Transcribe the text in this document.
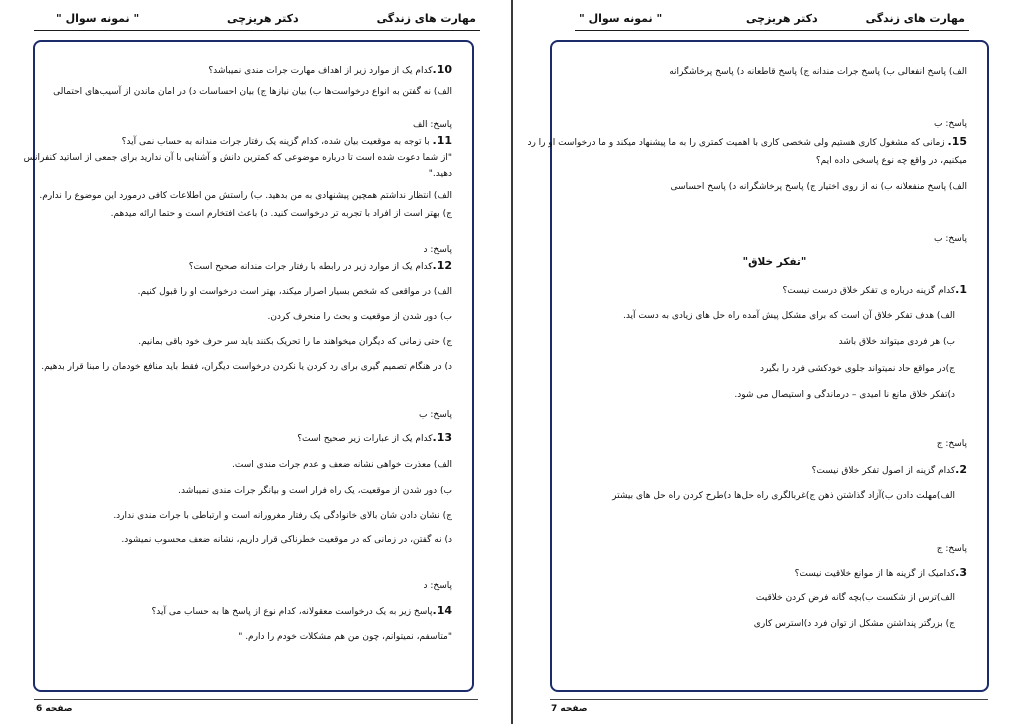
مهارت های زندگی
دکتر هریزچی
" نمونه سوال "
10.کدام یک از موارد زیر از اهداف مهارت جرات مندی نمیباشد؟
الف) نه گفتن به انواع درخواست‌ها ب) بیان نیازها ج) بیان احساسات د) در امان ماندن از آسیب‌های احتمالی
پاسخ: الف
11. با توجه به موقعیت بیان شده، کدام گزینه یک رفتار جرات مندانه به حساب نمی آید؟
"از شما دعوت شده است تا درباره موضوعی که کمترین دانش و آشنایی با آن ندارید برای جمعی از اساتید کنفرانس
دهید."
الف) انتظار نداشتم همچین پیشنهادی به من بدهید. ب) راستش من اطلاعات کافی درمورد این موضوع را ندارم.
ج) بهتر است از افراد با تجربه تر درخواست کنید. د) باعث افتخارم است و حتما ارائه میدهم.
پاسخ: د
12.کدام یک از موارد زیر در رابطه با رفتار جرات مندانه صحیح است؟
الف) در مواقعی که شخص بسیار اصرار میکند، بهتر است درخواست او را قبول کنیم.
ب) دور شدن از موقعیت و بحث را منحرف کردن.
ج) حتی زمانی که دیگران میخواهند ما را تحریک بکنند باید سر حرف خود باقی بمانیم.
د) در هنگام تصمیم گیری برای رد کردن یا نکردن درخواست دیگران، فقط باید منافع خودمان را مبنا قرار بدهیم.
پاسخ: ب
13.کدام یک از عبارات زیر صحیح است؟
الف) معذرت خواهی نشانه ضعف و عدم جرات مندی است.
ب) دور شدن از موقعیت، یک راه فرار است و بیانگر جرات مندی نمیباشد.
ج) نشان دادن شان بالای خانوادگی یک رفتار مغرورانه است و ارتباطی با جرات مندی ندارد.
د) نه گفتن، در زمانی که در موقعیت خطرناکی قرار داریم، نشانه ضعف محسوب نمیشود.
پاسخ: د
14.پاسخ زیر به یک درخواست معقولانه، کدام نوع از پاسخ ها به حساب می آید؟
"متاسفم، نمیتوانم، چون من هم مشکلات خودم را دارم. "
صفحه 6
مهارت های زندگی
دکتر هریزچی
" نمونه سوال "
الف) پاسخ انفعالی ب) پاسخ جرات مندانه ج) پاسخ قاطعانه د) پاسخ پرخاشگرانه
پاسخ: ب
15. زمانی که مشغول کاری هستیم ولی شخصی کاری با اهمیت کمتری را به ما پیشنهاد میکند و ما درخواست او را رد
میکنیم، در واقع چه نوع پاسخی داده ایم؟
الف) پاسخ منفعلانه ب) نه از روی اختیار ج) پاسخ پرخاشگرانه د) پاسخ احساسی
پاسخ: ب
"تفکر خلاق"
1.کدام گزینه درباره ی تفکر خلاق درست نیست؟
الف) هدف تفکر خلاق آن است که برای مشکل پیش آمده راه حل های زیادی به دست آید.
ب) هر فردی میتواند خلاق باشد
ج)در مواقع حاد نمیتواند جلوی خودکشی فرد را بگیرد
د)تفکر خلاق مانع نا امیدی – درماندگی و استیصال می شود.
پاسخ: ج
2.کدام گزینه از اصول تفکر خلاق نیست؟
الف)مهلت دادن ب)آزاد گذاشتن ذهن ج)غربالگری راه حل‌ها د)طرح کردن راه حل های بیشتر
پاسخ: ج
3.کدامیک از گزینه ها از موانع خلاقیت نیست؟
الف)ترس از شکست ب)بچه گانه فرض کردن خلاقیت
ج) بزرگتر پنداشتن مشکل از توان فرد د)استرس کاری
صفحه 7
